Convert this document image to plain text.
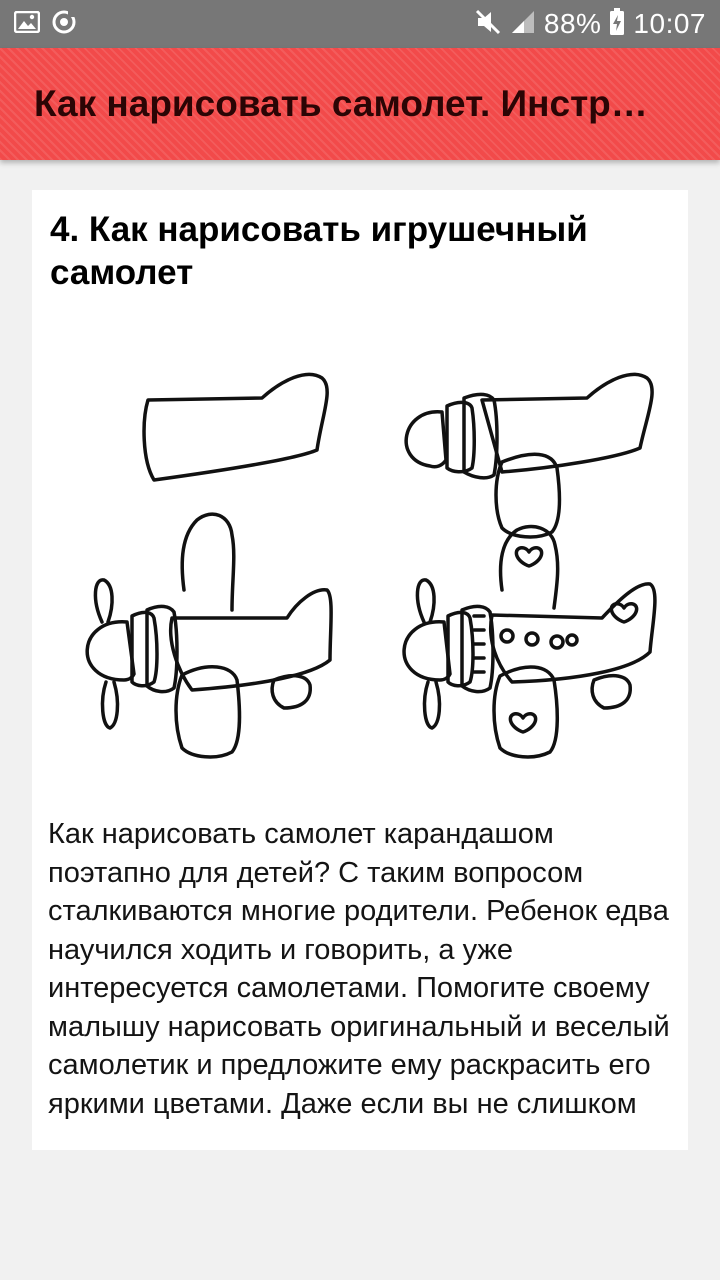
88% 10:07
Как нарисовать самолет. Инстр…
4. Как нарисовать игрушечный самолет
Как нарисовать самолет карандашом поэтапно для детей? С таким вопросом сталкиваются многие родители. Ребенок едва научился ходить и говорить, а уже интересуется самолетами. Помогите своему малышу нарисовать оригинальный и веселый самолетик и предложите ему раскрасить его яркими цветами. Даже если вы не слишком
